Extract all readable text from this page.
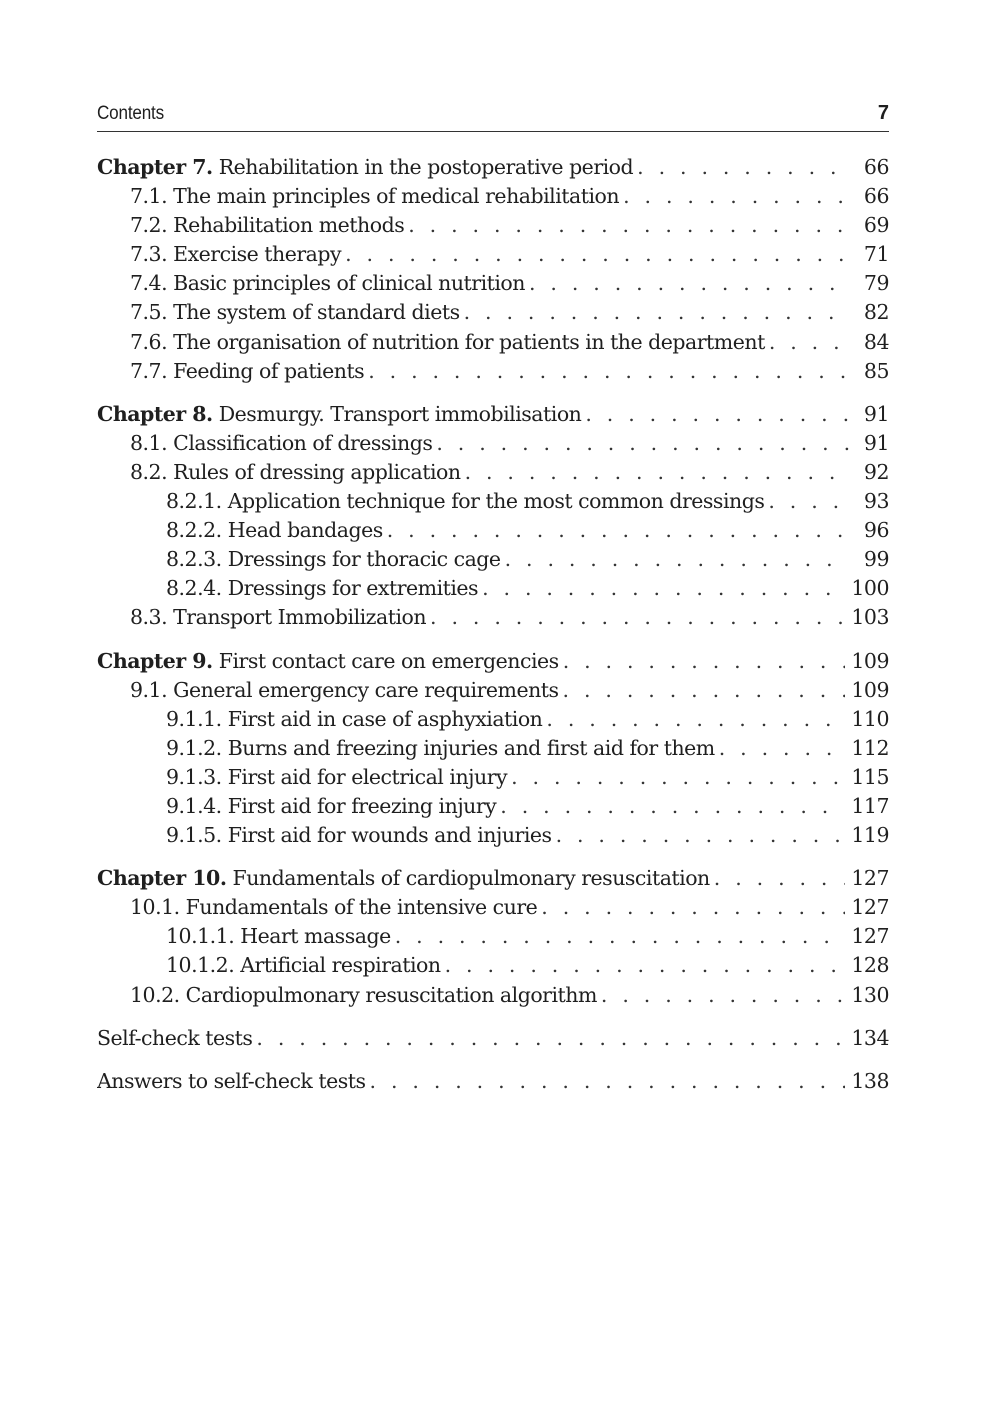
Contents	7
Chapter 7. Rehabilitation in the postoperative period . . .	66
7.1. The main principles of medical rehabilitation . . .	66
7.2. Rehabilitation methods . . .	69
7.3. Exercise therapy . . .	71
7.4. Basic principles of clinical nutrition . . .	79
7.5. The system of standard diets . . .	82
7.6. The organisation of nutrition for patients in the department . . .	84
7.7. Feeding of patients . . .	85
Chapter 8. Desmurgy. Transport immobilisation . . .	91
8.1. Classification of dressings . . .	91
8.2. Rules of dressing application . . .	92
8.2.1. Application technique for the most common dressings . . .	93
8.2.2. Head bandages . . .	96
8.2.3. Dressings for thoracic cage . . .	99
8.2.4. Dressings for extremities . . .	100
8.3. Transport Immobilization . . .	103
Chapter 9. First contact care on emergencies . . .	109
9.1. General emergency care requirements . . .	109
9.1.1. First aid in case of asphyxiation . . .	110
9.1.2. Burns and freezing injuries and first aid for them . . .	112
9.1.3. First aid for electrical injury . . .	115
9.1.4. First aid for freezing injury . . .	117
9.1.5. First aid for wounds and injuries . . .	119
Chapter 10. Fundamentals of cardiopulmonary resuscitation . . .	127
10.1. Fundamentals of the intensive cure . . .	127
10.1.1. Heart massage . . .	127
10.1.2. Artificial respiration . . .	128
10.2. Cardiopulmonary resuscitation algorithm . . .	130
Self-check tests . . .	134
Answers to self-check tests . . .	138
